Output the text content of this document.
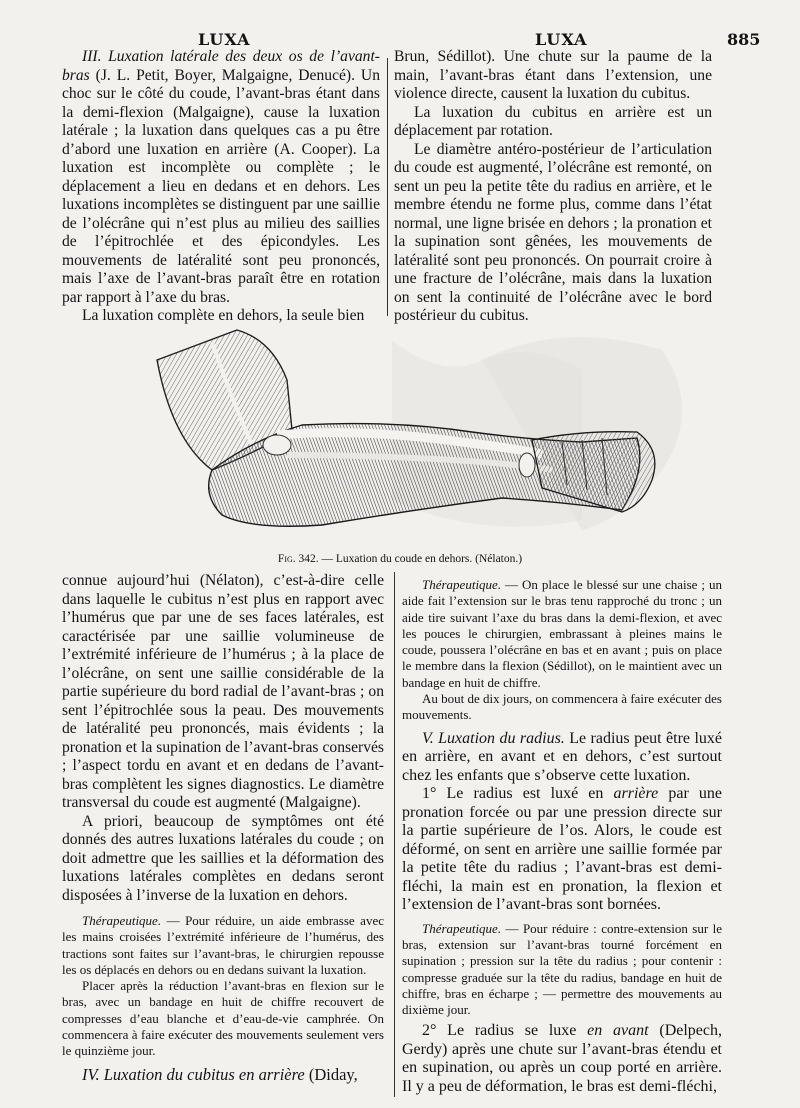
LUXA	LUXA	885

III. Luxation latérale des deux os de l’avant-bras (J. L. Petit, Boyer, Malgaigne, Denucé). Un choc sur le côté du coude, l’avant-bras étant dans la demi-flexion (Malgaigne), cause la luxation latérale ; la luxation dans quelques cas a pu être d’abord une luxation en arrière (A. Cooper). La luxation est incomplète ou complète ; le déplacement a lieu en dedans et en dehors. Les luxations incomplètes se distinguent par une saillie de l’olécrâne qui n’est plus au milieu des saillies de l’épitrochlée et des épicondyles. Les mouvements de latéralité sont peu prononcés, mais l’axe de l’avant-bras paraît être en rotation par rapport à l’axe du bras.

La luxation complète en dehors, la seule bien

Brun, Sédillot). Une chute sur la paume de la main, l’avant-bras étant dans l’extension, une violence directe, causent la luxation du cubitus.

La luxation du cubitus en arrière est un déplacement par rotation.

Le diamètre antéro-postérieur de l’articulation du coude est augmenté, l’olécrâne est remonté, on sent un peu la petite tête du radius en arrière, et le membre étendu ne forme plus, comme dans l’état normal, une ligne brisée en dehors ; la pronation et la supination sont gênées, les mouvements de latéralité sont peu prononcés. On pourrait croire à une fracture de l’olécrâne, mais dans la luxation on sent la continuité de l’olécrâne avec le bord postérieur du cubitus.

Fig. 342. — Luxation du coude en dehors. (Nélaton.)

connue aujourd’hui (Nélaton), c’est-à-dire celle dans laquelle le cubitus n’est plus en rapport avec l’humérus que par une de ses faces latérales, est caractérisée par une saillie volumineuse de l’extrémité inférieure de l’humérus ; à la place de l’olécrâne, on sent une saillie considérable de la partie supérieure du bord radial de l’avant-bras ; on sent l’épitrochlée sous la peau. Des mouvements de latéralité peu prononcés, mais évidents ; la pronation et la supination de l’avant-bras conservés ; l’aspect tordu en avant et en dedans de l’avant-bras complètent les signes diagnostics. Le diamètre transversal du coude est augmenté (Malgaigne).

A priori, beaucoup de symptômes ont été donnés des autres luxations latérales du coude ; on doit admettre que les saillies et la déformation des luxations latérales complètes en dedans seront disposées à l’inverse de la luxation en dehors.

Thérapeutique. — Pour réduire, un aide embrasse avec les mains croisées l’extrémité inférieure de l’humérus, des tractions sont faites sur l’avant-bras, le chirurgien repousse les os déplacés en dehors ou en dedans suivant la luxation.

Placer après la réduction l’avant-bras en flexion sur le bras, avec un bandage en huit de chiffre recouvert de compresses d’eau blanche et d’eau-de-vie camphrée. On commencera à faire exécuter des mouvements seulement vers le quinzième jour.

IV. Luxation du cubitus en arrière (Diday,

Thérapeutique. — On place le blessé sur une chaise ; un aide fait l’extension sur le bras tenu rapproché du tronc ; un aide tire suivant l’axe du bras dans la demi-flexion, et avec les pouces le chirurgien, embrassant à pleines mains le coude, poussera l’olécrâne en bas et en avant ; puis on place le membre dans la flexion (Sédillot), on le maintient avec un bandage en huit de chiffre.

Au bout de dix jours, on commencera à faire exécuter des mouvements.

V. Luxation du radius. Le radius peut être luxé en arrière, en avant et en dehors, c’est surtout chez les enfants que s’observe cette luxation.

1° Le radius est luxé en arrière par une pronation forcée ou par une pression directe sur la partie supérieure de l’os. Alors, le coude est déformé, on sent en arrière une saillie formée par la petite tête du radius ; l’avant-bras est demi-fléchi, la main est en pronation, la flexion et l’extension de l’avant-bras sont bornées.

Thérapeutique. — Pour réduire : contre-extension sur le bras, extension sur l’avant-bras tourné forcément en supination ; pression sur la tête du radius ; pour contenir : compresse graduée sur la tête du radius, bandage en huit de chiffre, bras en écharpe ; — permettre des mouvements au dixième jour.

2° Le radius se luxe en avant (Delpech, Gerdy) après une chute sur l’avant-bras étendu et en supination, ou après un coup porté en arrière. Il y a peu de déformation, le bras est demi-fléchi,
